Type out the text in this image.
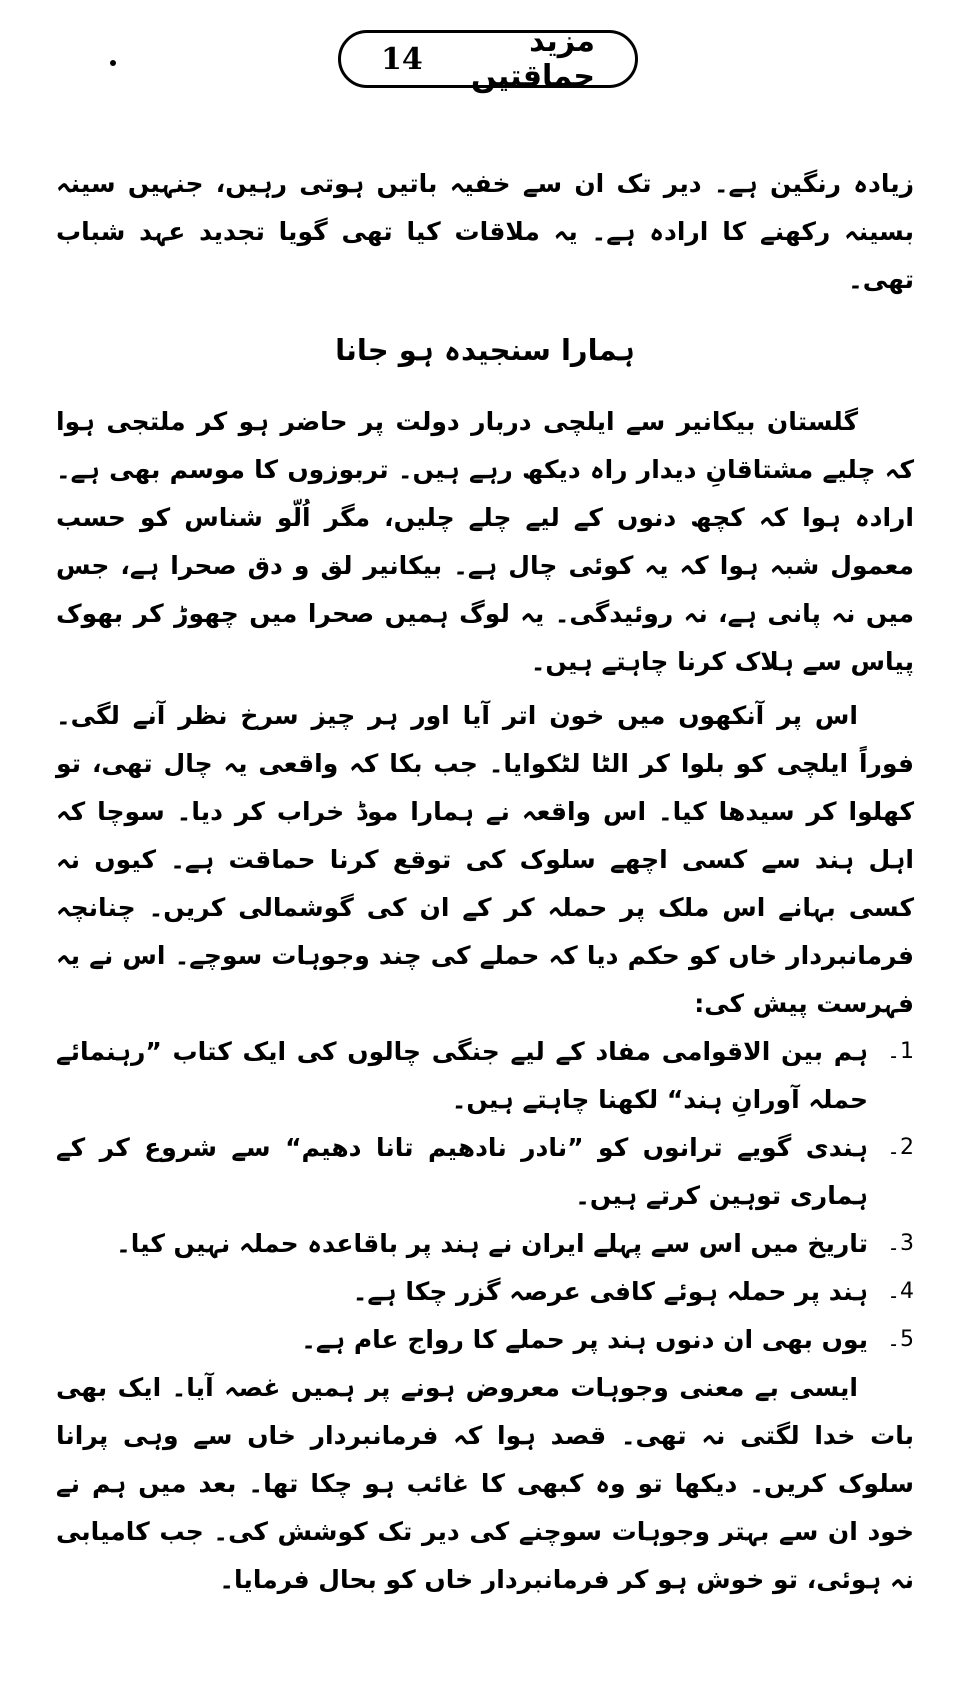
مزید حماقتیں
14

زیادہ رنگین ہے۔ دیر تک ان سے خفیہ باتیں ہوتی رہیں، جنہیں سینہ بسینہ رکھنے کا ارادہ ہے۔ یہ ملاقات کیا تھی گویا تجدید عہد شباب تھی۔

ہمارا سنجیدہ ہو جانا

گلستان بیکانیر سے ایلچی دربار دولت پر حاضر ہو کر ملتجی ہوا کہ چلیے مشتاقانِ دیدار راہ دیکھ رہے ہیں۔ تربوزوں کا موسم بھی ہے۔ ارادہ ہوا کہ کچھ دنوں کے لیے چلے چلیں، مگر اُلّو شناس کو حسب معمول شبہ ہوا کہ یہ کوئی چال ہے۔ بیکانیر لق و دق صحرا ہے، جس میں نہ پانی ہے، نہ روئیدگی۔ یہ لوگ ہمیں صحرا میں چھوڑ کر بھوک پیاس سے ہلاک کرنا چاہتے ہیں۔

اس پر آنکھوں میں خون اتر آیا اور ہر چیز سرخ نظر آنے لگی۔ فوراً ایلچی کو بلوا کر الٹا لٹکوایا۔ جب بکا کہ واقعی یہ چال تھی، تو کھلوا کر سیدھا کیا۔ اس واقعہ نے ہمارا موڈ خراب کر دیا۔ سوچا کہ اہل ہند سے کسی اچھے سلوک کی توقع کرنا حماقت ہے۔ کیوں نہ کسی بہانے اس ملک پر حملہ کر کے ان کی گوشمالی کریں۔ چنانچہ فرمانبردار خاں کو حکم دیا کہ حملے کی چند وجوہات سوچے۔ اس نے یہ فہرست پیش کی:

1۔
ہم بین الاقوامی مفاد کے لیے جنگی چالوں کی ایک کتاب ”رہنمائے حملہ آورانِ ہند“ لکھنا چاہتے ہیں۔
2۔
ہندی گویے ترانوں کو ”نادر نادھیم تانا دھیم“ سے شروع کر کے ہماری توہین کرتے ہیں۔
3۔
تاریخ میں اس سے پہلے ایران نے ہند پر باقاعدہ حملہ نہیں کیا۔
4۔
ہند پر حملہ ہوئے کافی عرصہ گزر چکا ہے۔
5۔
یوں بھی ان دنوں ہند پر حملے کا رواج عام ہے۔

ایسی بے معنی وجوہات معروض ہونے پر ہمیں غصہ آیا۔ ایک بھی بات خدا لگتی نہ تھی۔ قصد ہوا کہ فرمانبردار خاں سے وہی پرانا سلوک کریں۔ دیکھا تو وہ کبھی کا غائب ہو چکا تھا۔ بعد میں ہم نے خود ان سے بہتر وجوہات سوچنے کی دیر تک کوشش کی۔ جب کامیابی نہ ہوئی، تو خوش ہو کر فرمانبردار خاں کو بحال فرمایا۔
